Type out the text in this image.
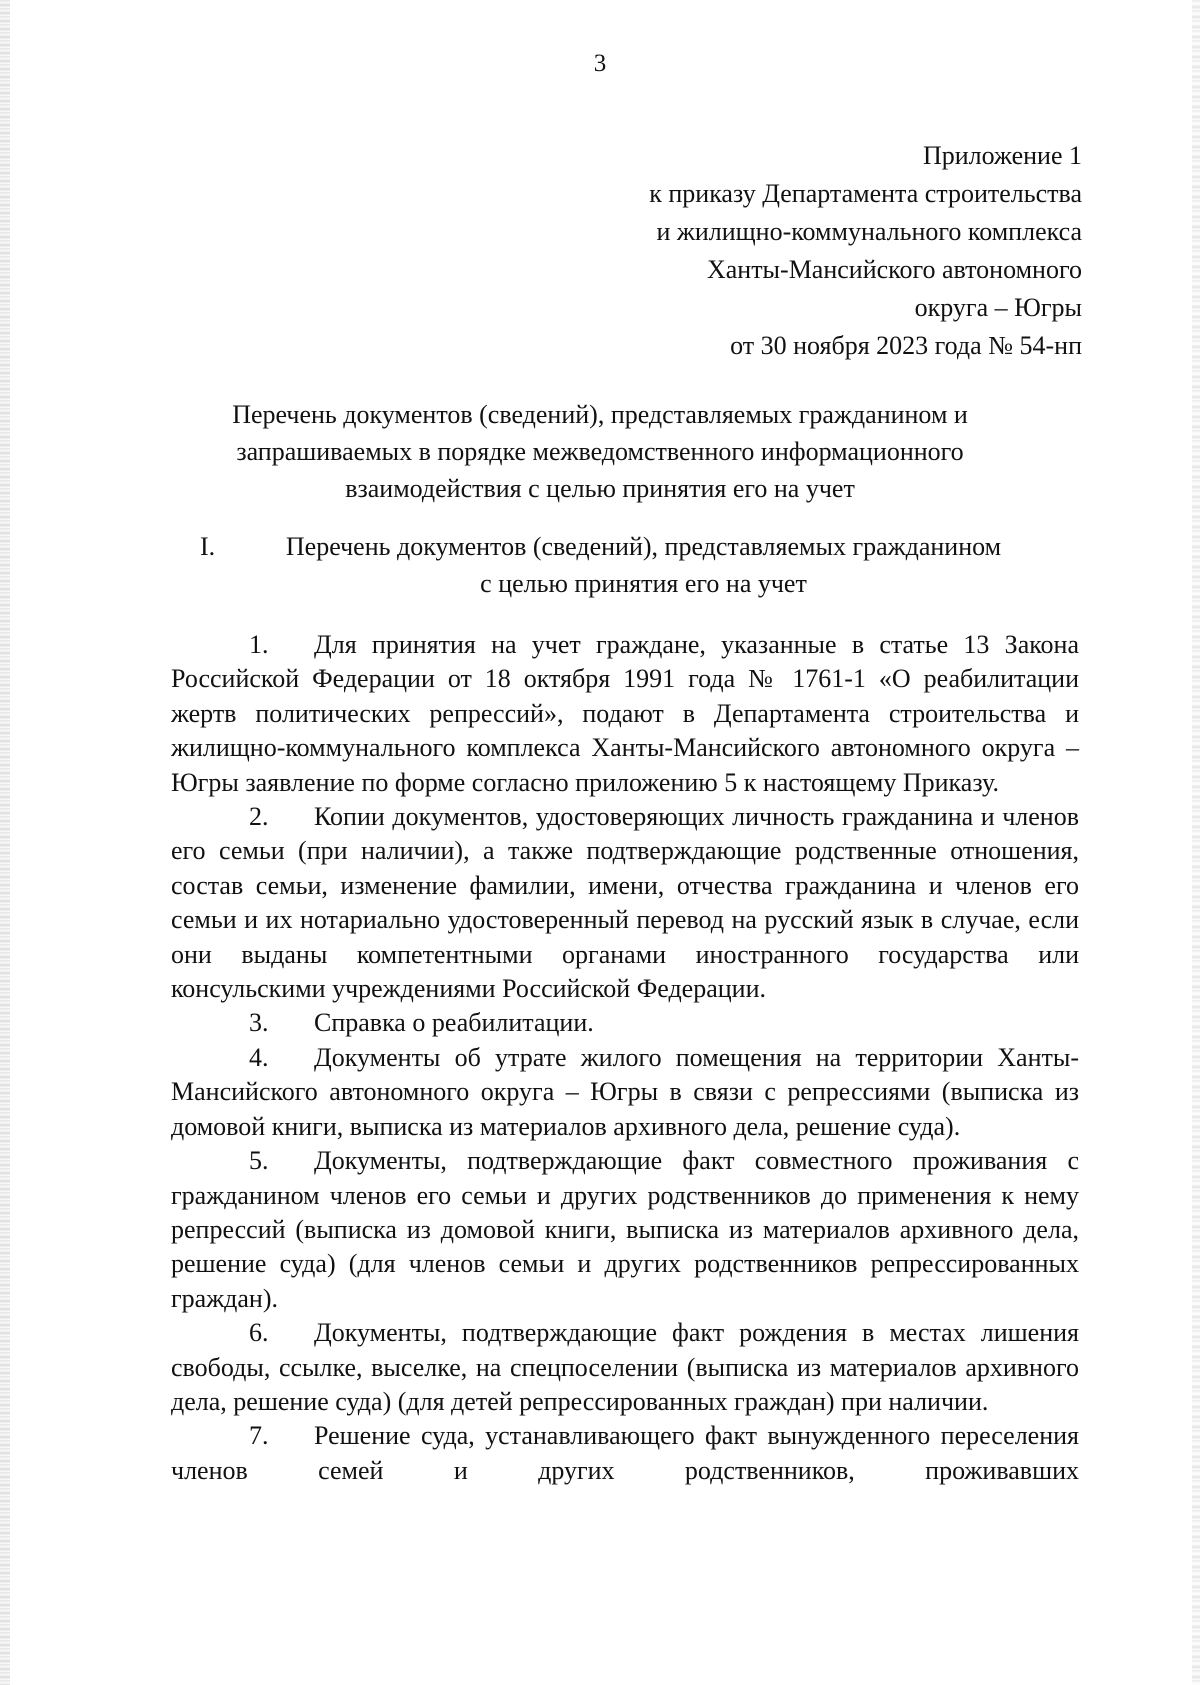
3
Приложение 1
к приказу Департамента строительства
и жилищно-коммунального комплекса
Ханты-Мансийского автономного
округа – Югры
от 30 ноября 2023 года № 54-нп
Перечень документов (сведений), представляемых гражданином и
запрашиваемых в порядке межведомственного информационного
взаимодействия с целью принятия его на учет
I.	Перечень документов (сведений), представляемых гражданином
с целью принятия его на учет

1. Для принятия на учет граждане, указанные в статье 13 Закона Российской Федерации от 18 октября 1991 года № 1761-1 «О реабилитации жертв политических репрессий», подают в Департамента строительства и жилищно-коммунального комплекса Ханты-Мансийского автономного округа – Югры заявление по форме согласно приложению 5 к настоящему Приказу.

2. Копии документов, удостоверяющих личность гражданина и членов его семьи (при наличии), а также подтверждающие родственные отношения, состав семьи, изменение фамилии, имени, отчества гражданина и членов его семьи и их нотариально удостоверенный перевод на русский язык в случае, если они выданы компетентными органами иностранного государства или консульскими учреждениями Российской Федерации.

3. Справка о реабилитации.

4. Документы об утрате жилого помещения на территории Ханты-Мансийского автономного округа – Югры в связи с репрессиями (выписка из домовой книги, выписка из материалов архивного дела, решение суда).

5. Документы, подтверждающие факт совместного проживания с гражданином членов его семьи и других родственников до применения к нему репрессий (выписка из домовой книги, выписка из материалов архивного дела, решение суда) (для членов семьи и других родственников репрессированных граждан).

6. Документы, подтверждающие факт рождения в местах лишения свободы, ссылке, выселке, на спецпоселении (выписка из материалов архивного дела, решение суда) (для детей репрессированных граждан) при наличии.

7. Решение суда, устанавливающего факт вынужденного переселения членов семей и других родственников, проживавших
